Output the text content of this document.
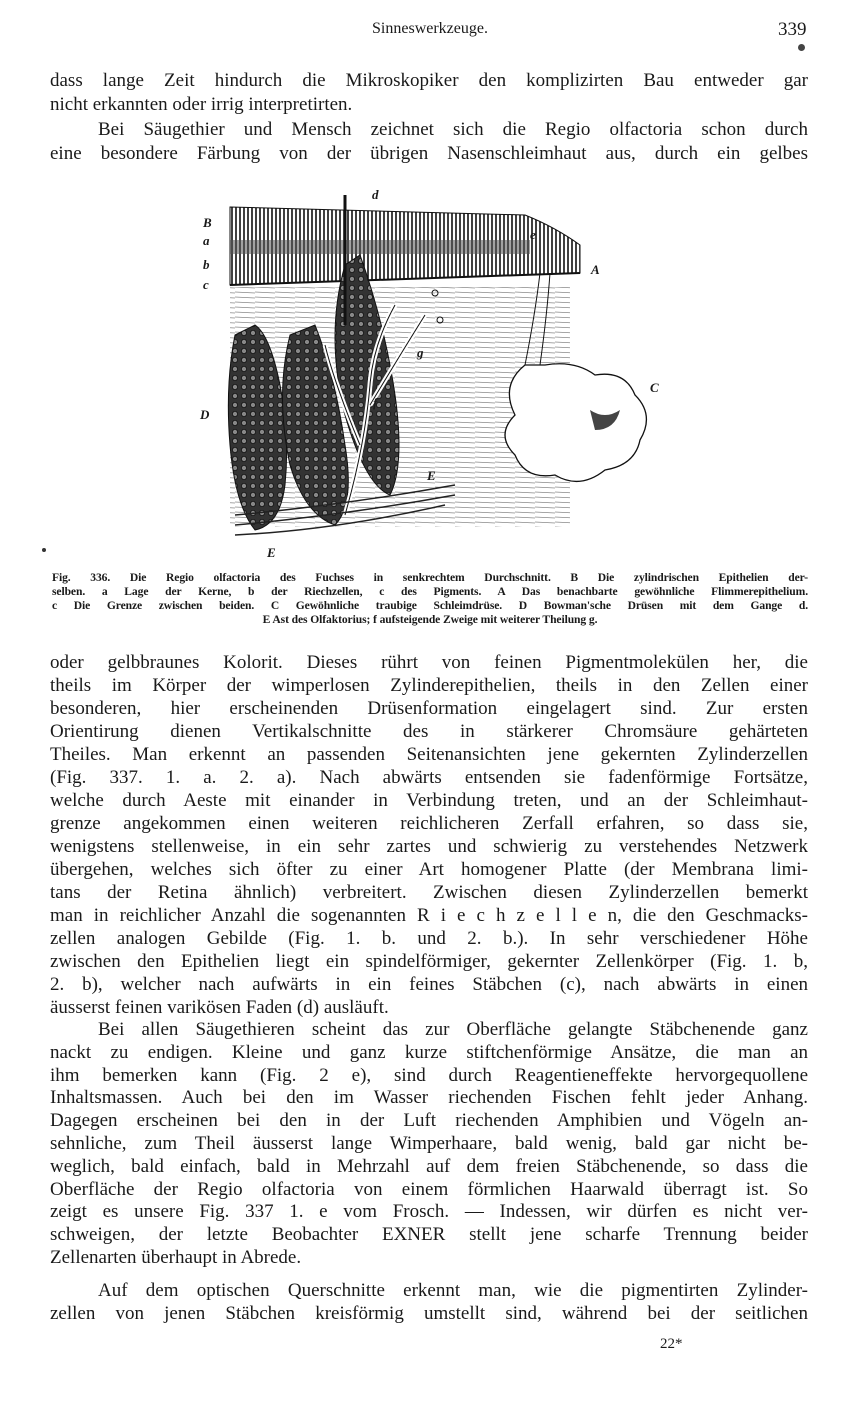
Sinneswerkzeuge.	339
dass lange Zeit hindurch die Mikroskopiker den komplizirten Bau entweder gar
nicht erkannten oder irrig interpretirten.
Bei Säugethier und Mensch zeichnet sich die Regio olfactoria schon durch
eine besondere Färbung von der übrigen Nasenschleimhaut aus, durch ein gelbes
B
a
b
c
d
e
A
C
D
E
E
f
g
Fig. 336. Die Regio olfactoria des Fuchses in senkrechtem Durchschnitt. B Die zylindrischen Epithelien der-
selben. a Lage der Kerne, b der Riechzellen, c des Pigments. A Das benachbarte gewöhnliche Flimmerepithelium.
c Die Grenze zwischen beiden. C Gewöhnliche traubige Schleimdrüse. D Bowman'sche Drüsen mit dem Gange d.
E Ast des Olfaktorius; f aufsteigende Zweige mit weiterer Theilung g.
oder gelbbraunes Kolorit. Dieses rührt von feinen Pigmentmolekülen her, die
theils im Körper der wimperlosen Zylinderepithelien, theils in den Zellen einer
besonderen, hier erscheinenden Drüsenformation eingelagert sind. Zur ersten
Orientirung dienen Vertikalschnitte des in stärkerer Chromsäure gehärteten
Theiles. Man erkennt an passenden Seitenansichten jene gekernten Zylinderzellen
(Fig. 337. 1. a. 2. a). Nach abwärts entsenden sie fadenförmige Fortsätze,
welche durch Aeste mit einander in Verbindung treten, und an der Schleimhaut-
grenze angekommen einen weiteren reichlicheren Zerfall erfahren, so dass sie,
wenigstens stellenweise, in ein sehr zartes und schwierig zu verstehendes Netzwerk
übergehen, welches sich öfter zu einer Art homogener Platte (der Membrana limi-
tans der Retina ähnlich) verbreitert. Zwischen diesen Zylinderzellen bemerkt
man in reichlicher Anzahl die sogenannten R i e c h z e l l e n, die den Geschmacks-
zellen analogen Gebilde (Fig. 1. b. und 2. b.). In sehr verschiedener Höhe
zwischen den Epithelien liegt ein spindelförmiger, gekernter Zellenkörper (Fig. 1. b,
2. b), welcher nach aufwärts in ein feines Stäbchen (c), nach abwärts in einen
äusserst feinen varikösen Faden (d) ausläuft.
Bei allen Säugethieren scheint das zur Oberfläche gelangte Stäbchenende ganz
nackt zu endigen. Kleine und ganz kurze stiftchenförmige Ansätze, die man an
ihm bemerken kann (Fig. 2 e), sind durch Reagentieneffekte hervorgequollene
Inhaltsmassen. Auch bei den im Wasser riechenden Fischen fehlt jeder Anhang.
Dagegen erscheinen bei den in der Luft riechenden Amphibien und Vögeln an-
sehnliche, zum Theil äusserst lange Wimperhaare, bald wenig, bald gar nicht be-
weglich, bald einfach, bald in Mehrzahl auf dem freien Stäbchenende, so dass die
Oberfläche der Regio olfactoria von einem förmlichen Haarwald überragt ist. So
zeigt es unsere Fig. 337 1. e vom Frosch. — Indessen, wir dürfen es nicht ver-
schweigen, der letzte Beobachter EXNER stellt jene scharfe Trennung beider
Zellenarten überhaupt in Abrede.
Auf dem optischen Querschnitte erkennt man, wie die pigmentirten Zylinder-
zellen von jenen Stäbchen kreisförmig umstellt sind, während bei der seitlichen
22*
